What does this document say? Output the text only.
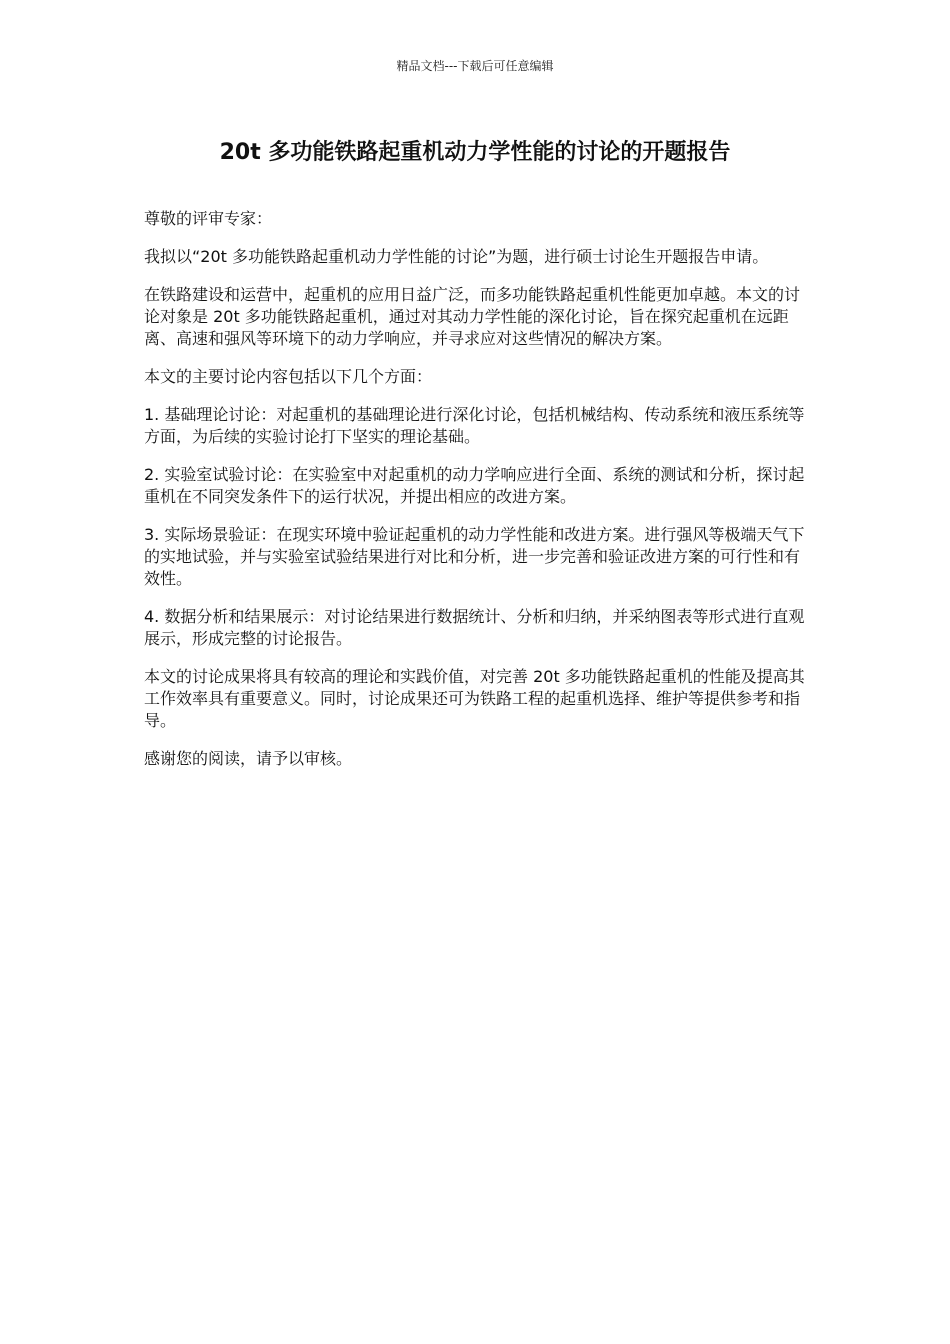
精品文档---下载后可任意编辑
20t 多功能铁路起重机动力学性能的讨论的开题报告

尊敬的评审专家：

我拟以“20t 多功能铁路起重机动力学性能的讨论”为题，进行硕士讨论生开题报告申请。

在铁路建设和运营中，起重机的应用日益广泛，而多功能铁路起重机性能更加卓越。本文的讨论对象是 20t 多功能铁路起重机，通过对其动力学性能的深化讨论，旨在探究起重机在远距离、高速和强风等环境下的动力学响应，并寻求应对这些情况的解决方案。

本文的主要讨论内容包括以下几个方面：

1. 基础理论讨论：对起重机的基础理论进行深化讨论，包括机械结构、传动系统和液压系统等方面，为后续的实验讨论打下坚实的理论基础。

2. 实验室试验讨论：在实验室中对起重机的动力学响应进行全面、系统的测试和分析，探讨起重机在不同突发条件下的运行状况，并提出相应的改进方案。

3. 实际场景验证：在现实环境中验证起重机的动力学性能和改进方案。进行强风等极端天气下的实地试验，并与实验室试验结果进行对比和分析，进一步完善和验证改进方案的可行性和有效性。

4. 数据分析和结果展示：对讨论结果进行数据统计、分析和归纳，并采纳图表等形式进行直观展示，形成完整的讨论报告。

本文的讨论成果将具有较高的理论和实践价值，对完善 20t 多功能铁路起重机的性能及提高其工作效率具有重要意义。同时，讨论成果还可为铁路工程的起重机选择、维护等提供参考和指导。

感谢您的阅读，请予以审核。
